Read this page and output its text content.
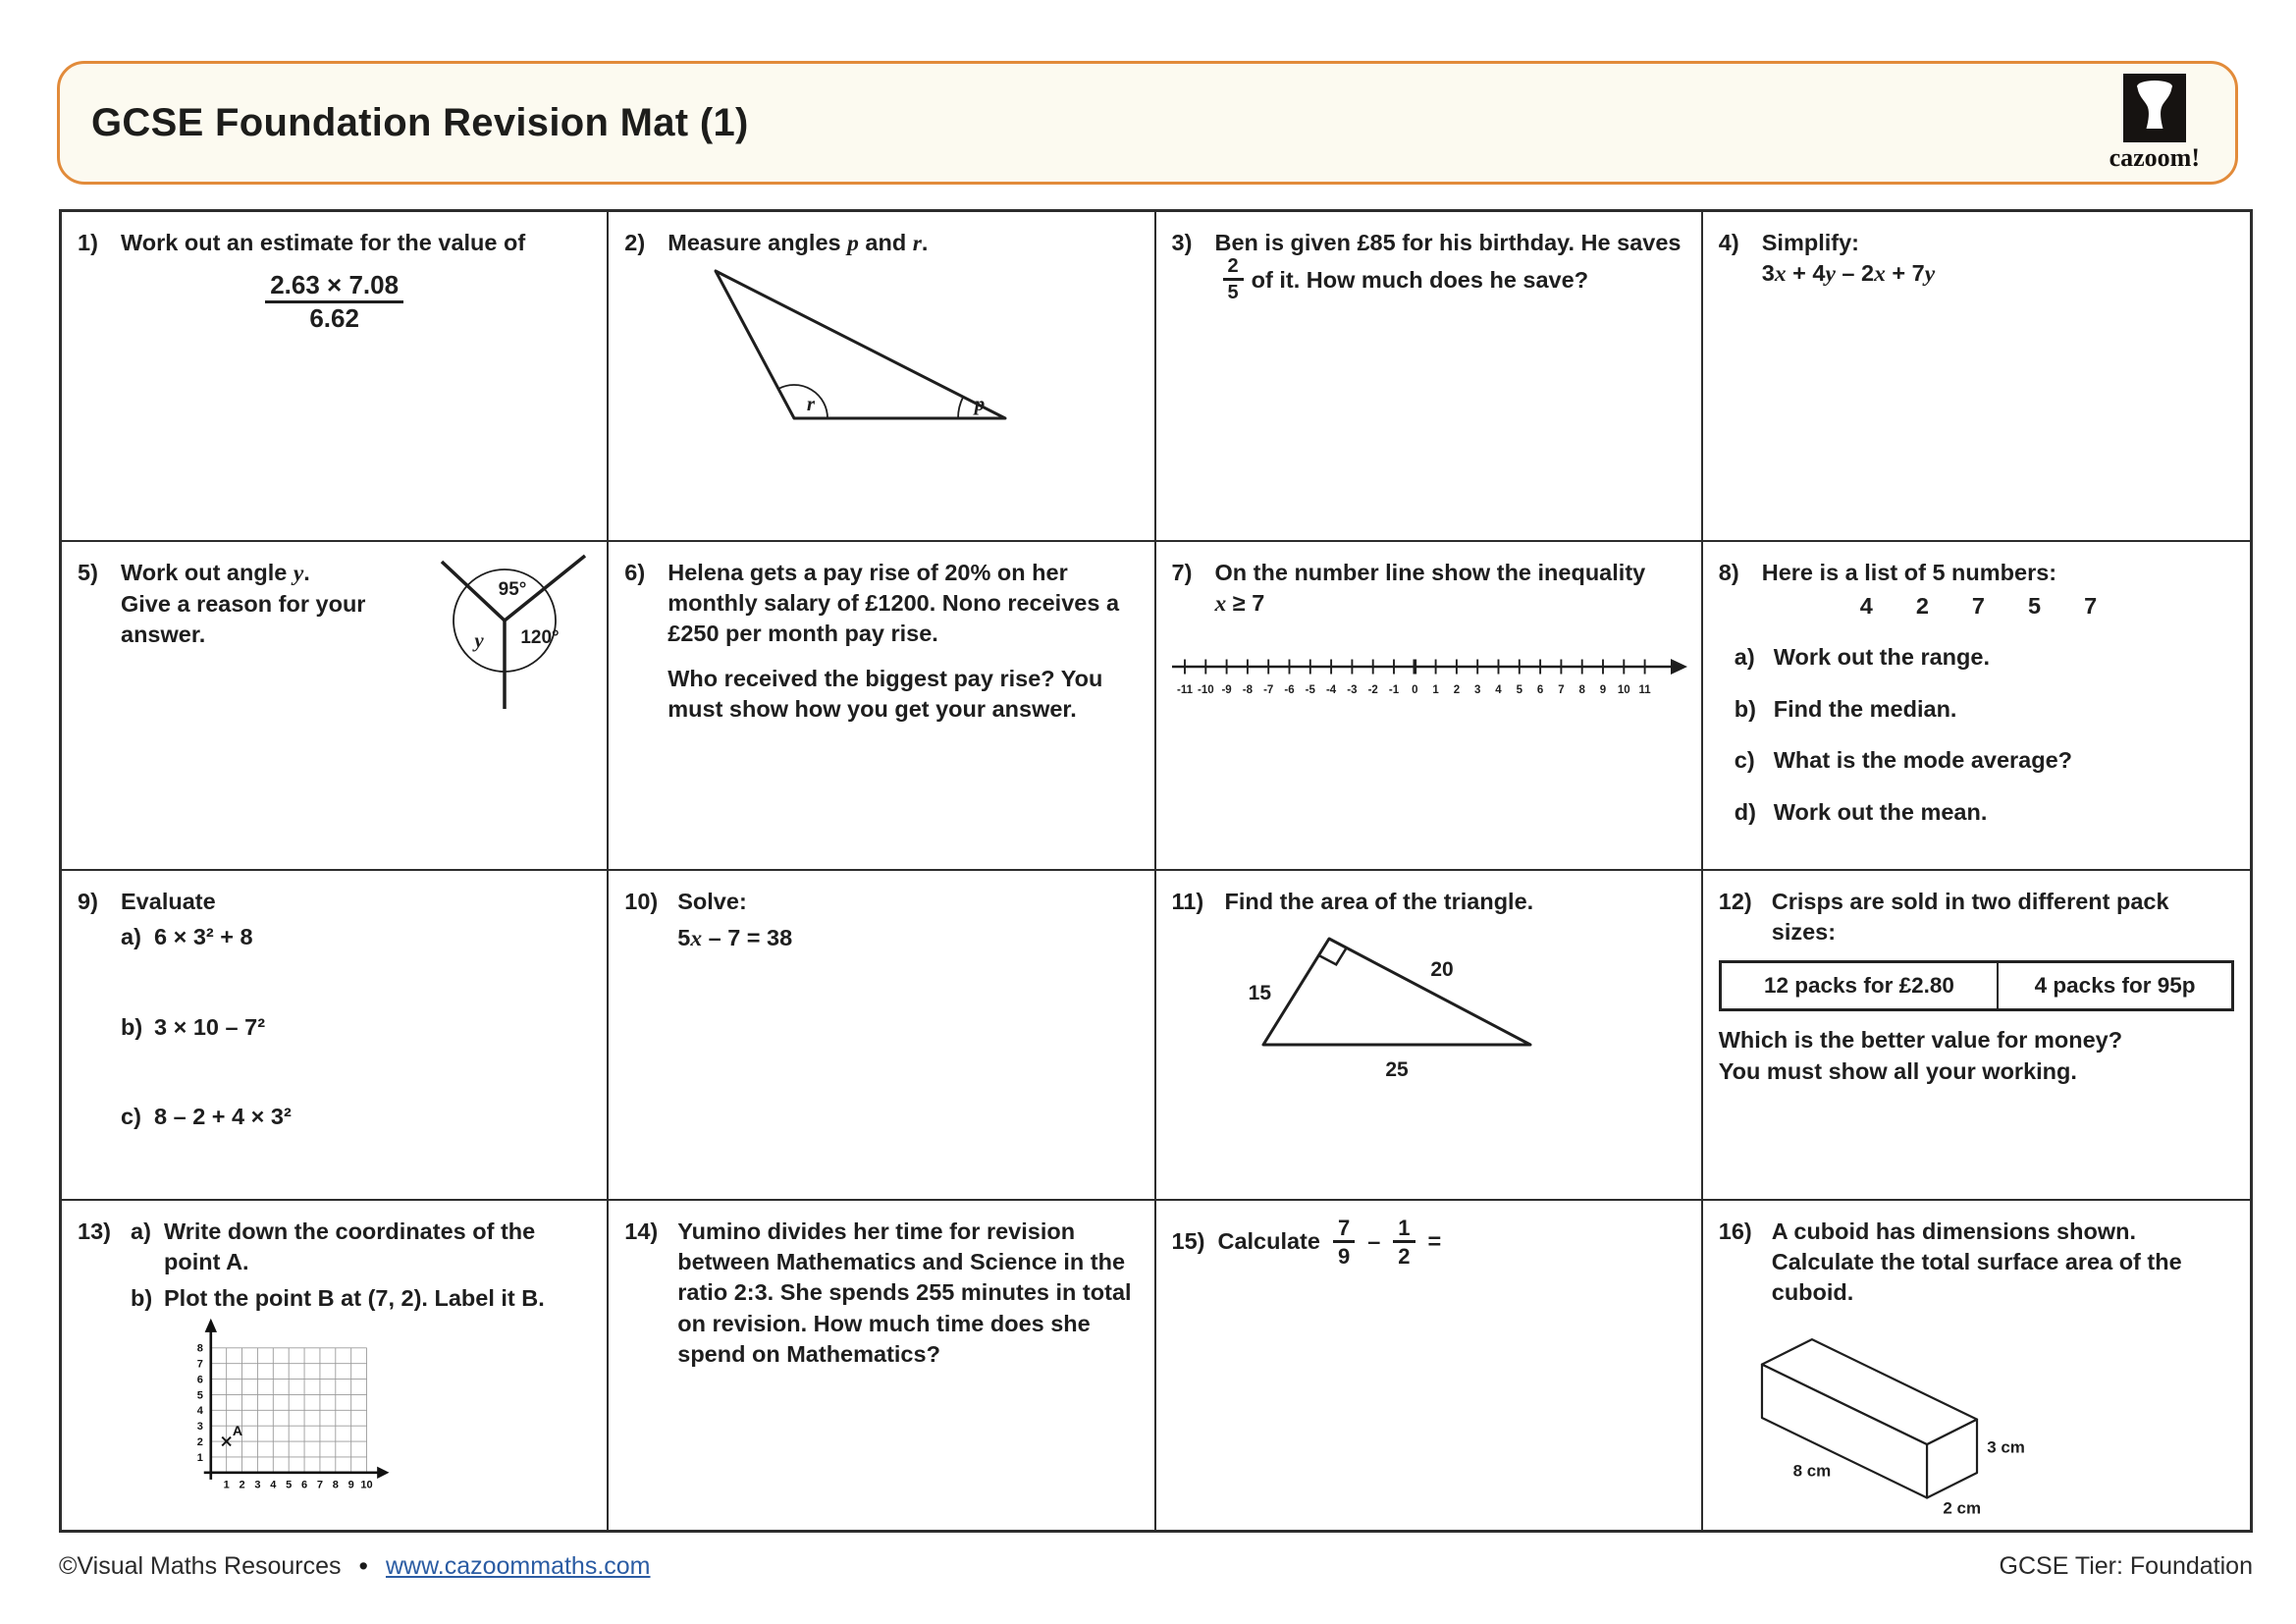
GCSE Foundation Revision Mat (1)
cazoom!
1) Work out an estimate for the value of
$\frac{2.63 \times 7.08}{6.62}$
2) Measure angles p and r.
r	p
3) Ben is given £85 for his birthday. He saves
$\frac{2}{5}$ of it. How much does he save?
4) Simplify:
3x + 4y – 2x + 7y
5) Work out angle y.
Give a reason for your answer.
95°
120°
y
6) Helena gets a pay rise of 20% on her monthly salary of £1200. Nono receives a £250 per month pay rise.
Who received the biggest pay rise? You must show how you get your answer.
7) On the number line show the inequality
x ≥ 7
-11 -10 -9 -8 -7 -6 -5 -4 -3 -2 -1 0 1 2 3 4 5 6 7 8 9 10 11
8) Here is a list of 5 numbers:
4 2 7 5 7
a) Work out the range.
b) Find the median.
c) What is the mode average?
d) Work out the mean.
9) Evaluate
a) 6 × 3² + 8
b) 3 × 10 – 7²
c) 8 – 2 + 4 × 3²
10) Solve:
5x – 7 = 38
11) Find the area of the triangle.
15
20
25
12) Crisps are sold in two different pack sizes:
12 packs for £2.80	4 packs for 95p
Which is the better value for money?
You must show all your working.
13) a) Write down the coordinates of the point A.
b) Plot the point B at (7, 2). Label it B.
1 2 3 4 5 6 7 8 9 10
1
2
3
4
5
6
7
8
A
14) Yumino divides her time for revision between Mathematics and Science in the ratio 2:3. She spends 255 minutes in total on revision. How much time does she spend on Mathematics?
15) Calculate $\frac{7}{9} - \frac{1}{2}$ =	16) A cuboid has dimensions shown. Calculate the total surface area of the cuboid.
8 cm
2 cm
3 cm
©Visual Maths Resources • www.cazoommaths.com	GCSE Tier: Foundation
